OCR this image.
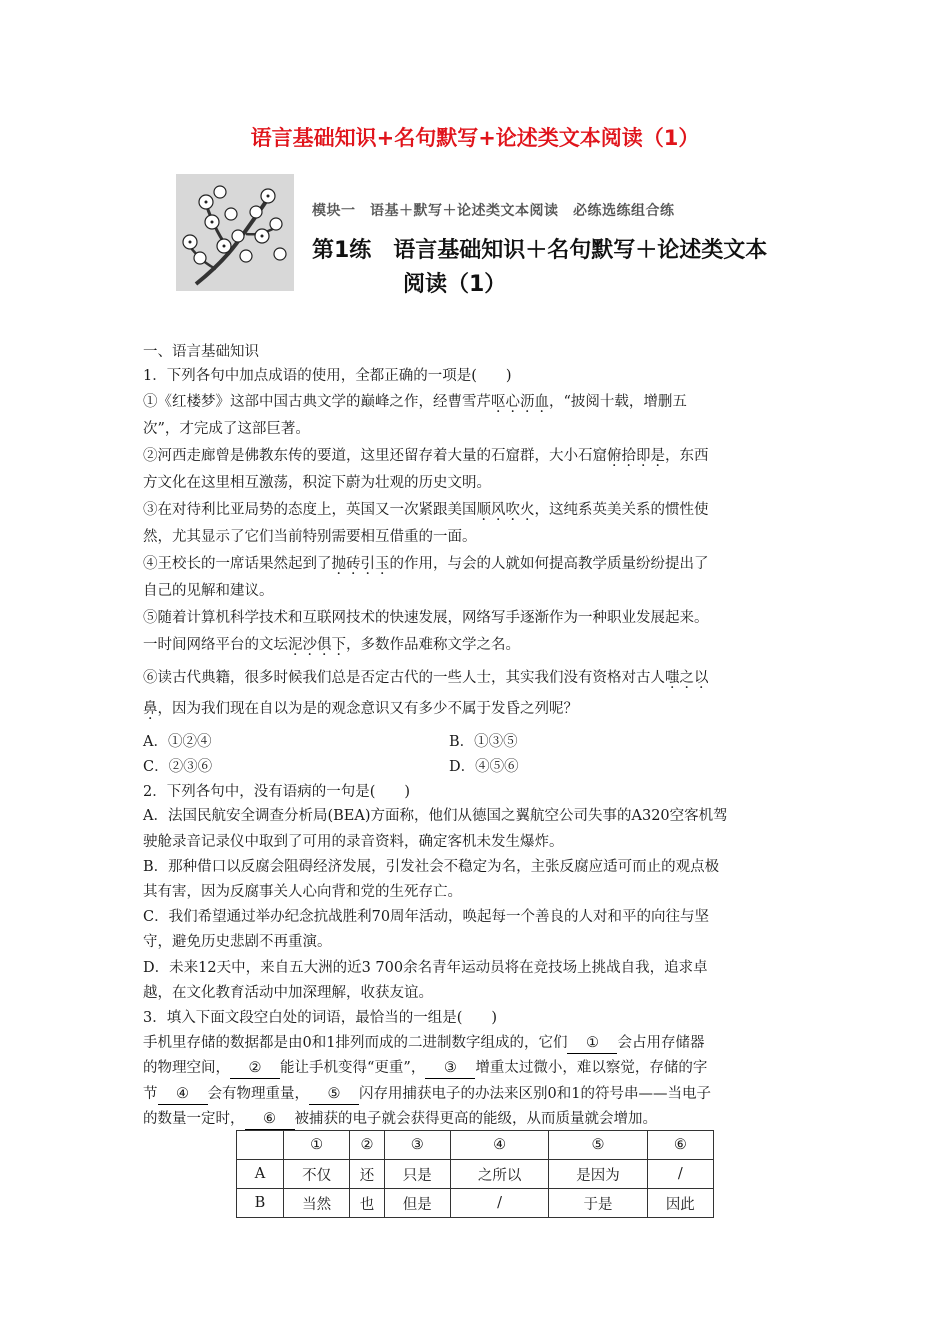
语言基础知识+名句默写+论述类文本阅读（1）
模块一　语基＋默写＋论述类文本阅读　必练选练组合练
第1练　语言基础知识＋名句默写＋论述类文本
阅读（1）
一、语言基础知识
1．下列各句中加点成语的使用，全都正确的一项是(　　)
①《红楼梦》这部中国古典文学的巅峰之作，经曹雪芹呕心沥血，“披阅十载，增删五
次”，才完成了这部巨著。
②河西走廊曾是佛教东传的要道，这里还留存着大量的石窟群，大小石窟俯拾即是，东西
方文化在这里相互激荡，积淀下蔚为壮观的历史文明。
③在对待利比亚局势的态度上，英国又一次紧跟美国顺风吹火，这纯系英美关系的惯性使
然，尤其显示了它们当前特别需要相互借重的一面。
④王校长的一席话果然起到了抛砖引玉的作用，与会的人就如何提高教学质量纷纷提出了
自己的见解和建议。
⑤随着计算机科学技术和互联网技术的快速发展，网络写手逐渐作为一种职业发展起来。
一时间网络平台的文坛泥沙俱下，多数作品难称文学之名。
⑥读古代典籍，很多时候我们总是否定古代的一些人士，其实我们没有资格对古人嗤之以
鼻，因为我们现在自以为是的观念意识又有多少不属于发昏之列呢？
A．①②④	B．①③⑤
C．②③⑥	D．④⑤⑥
2．下列各句中，没有语病的一句是(　　)
A．法国民航安全调查分析局(BEA)方面称，他们从德国之翼航空公司失事的A320空客机驾
驶舱录音记录仪中取到了可用的录音资料，确定客机未发生爆炸。
B．那种借口以反腐会阻碍经济发展，引发社会不稳定为名，主张反腐应适可而止的观点极
其有害，因为反腐事关人心向背和党的生死存亡。
C．我们希望通过举办纪念抗战胜利70周年活动，唤起每一个善良的人对和平的向往与坚
守，避免历史悲剧不再重演。
D．未来12天中，来自五大洲的近3 700余名青年运动员将在竞技场上挑战自我，追求卓
越，在文化教育活动中加深理解，收获友谊。
3．填入下面文段空白处的词语，最恰当的一组是(　　)
手机里存储的数据都是由0和1排列而成的二进制数字组成的，它们 ① 会占用存储器
的物理空间， ② 能让手机变得“更重”， ③ 增重太过微小，难以察觉，存储的字
节 ④ 会有物理重量， ⑤ 闪存用捕获电子的办法来区别0和1的符号串——当电子
的数量一定时， ⑥ 被捕获的电子就会获得更高的能级，从而质量就会增加。
	①	②	③	④	⑤	⑥
A	不仅	还	只是	之所以	是因为	/
B	当然	也	但是	/	于是	因此
